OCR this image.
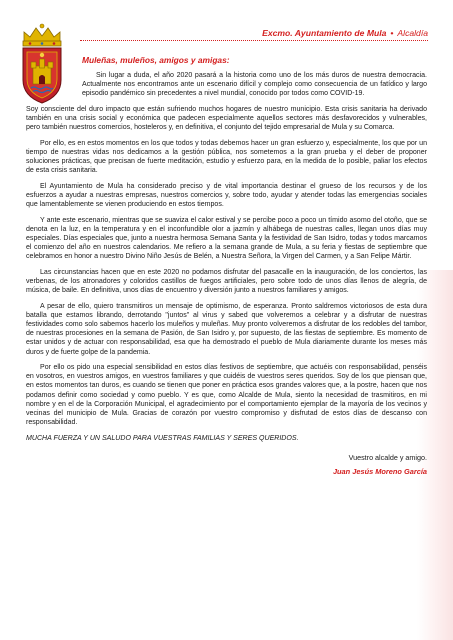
Excmo. Ayuntamiento de Mula • Alcaldía
Muleñas, muleños, amigos y amigas:

Sin lugar a duda, el año 2020 pasará a la historia como uno de los más duros de nuestra democracia. Actualmente nos encontramos ante un escenario difícil y complejo como consecuencia de un fatídico y largo episodio pandémico sin precedentes a nivel mundial, conocido por todos como COVID-19.

Soy consciente del duro impacto que están sufriendo muchos hogares de nuestro municipio. Esta crisis sanitaria ha derivado también en una crisis social y económica que padecen especialmente aquellos sectores más desfavorecidos y vulnerables, pero también nuestros comercios, hosteleros y, en definitiva, el conjunto del tejido empresarial de Mula y su Comarca.

Por ello, es en estos momentos en los que todos y todas debemos hacer un gran esfuerzo y, especialmente, los que por un tiempo de nuestras vidas nos dedicamos a la gestión pública, nos sometemos a la gran prueba y el deber de proponer soluciones prácticas, que precisan de fuerte meditación, estudio y esfuerzo para, en la medida de lo posible, paliar los efectos de esta crisis sanitaria.

El Ayuntamiento de Mula ha considerado preciso y de vital importancia destinar el grueso de los recursos y de los esfuerzos a ayudar a nuestras empresas, nuestros comercios y, sobre todo, ayudar y atender todas las emergencias sociales que lamentablemente se vienen produciendo en estos tiempos.

Y ante este escenario, mientras que se suaviza el calor estival y se percibe poco a poco un tímido asomo del otoño, que se denota en la luz, en la temperatura y en el inconfundible olor a jazmín y alhábega de nuestras calles, llegan unos días muy especiales. Días especiales que, junto a nuestra hermosa Semana Santa y la festividad de San Isidro, todas y todos marcamos el comienzo del año en nuestros calendarios. Me refiero a la semana grande de Mula, a su feria y fiestas de septiembre que celebramos en honor a nuestro Divino Niño Jesús de Belén, a Nuestra Señora, la Virgen del Carmen, y a San Felipe Mártir.

Las circunstancias hacen que en este 2020 no podamos disfrutar del pasacalle en la inauguración, de los conciertos, las verbenas, de los atronadores y coloridos castillos de fuegos artificiales, pero sobre todo de unos días llenos de alegría, de música, de baile. En definitiva, unos días de encuentro y diversión junto a nuestros familiares y amigos.

A pesar de ello, quiero transmitiros un mensaje de optimismo, de esperanza. Pronto saldremos victoriosos de esta dura batalla que estamos librando, derrotando "juntos" al virus y sabed que volveremos a celebrar y a disfrutar de nuestras festividades como solo sabemos hacerlo los muleños y muleñas. Muy pronto volveremos a disfrutar de los redobles del tambor, de nuestras procesiones en la semana de Pasión, de San Isidro y, por supuesto, de las fiestas de septiembre. Es momento de estar unidos y de actuar con responsabilidad, esa que ha demostrado el pueblo de Mula diariamente durante los meses más duros y de fuerte golpe de la pandemia.

Por ello os pido una especial sensibilidad en estos días festivos de septiembre, que actuéis con responsabilidad, penséis en vosotros, en vuestros amigos, en vuestros familiares y que cuidéis de vuestros seres queridos. Soy de los que piensan que, en estos momentos tan duros, es cuando se tienen que poner en práctica esos grandes valores que, a la postre, hacen que nos podamos definir como sociedad y como pueblo. Y es que, como Alcalde de Mula, siento la necesidad de trasmitiros, en mi nombre y en el de la Corporación Municipal, el agradecimiento por el comportamiento ejemplar de la mayoría de los vecinos y vecinas del municipio de Mula. Gracias de corazón por vuestro compromiso y disfrutad de estos días de descanso con responsabilidad.

MUCHA FUERZA Y UN SALUDO PARA VUESTRAS FAMILIAS Y SERES QUERIDOS.

Vuestro alcalde y amigo.
Juan Jesús Moreno García
